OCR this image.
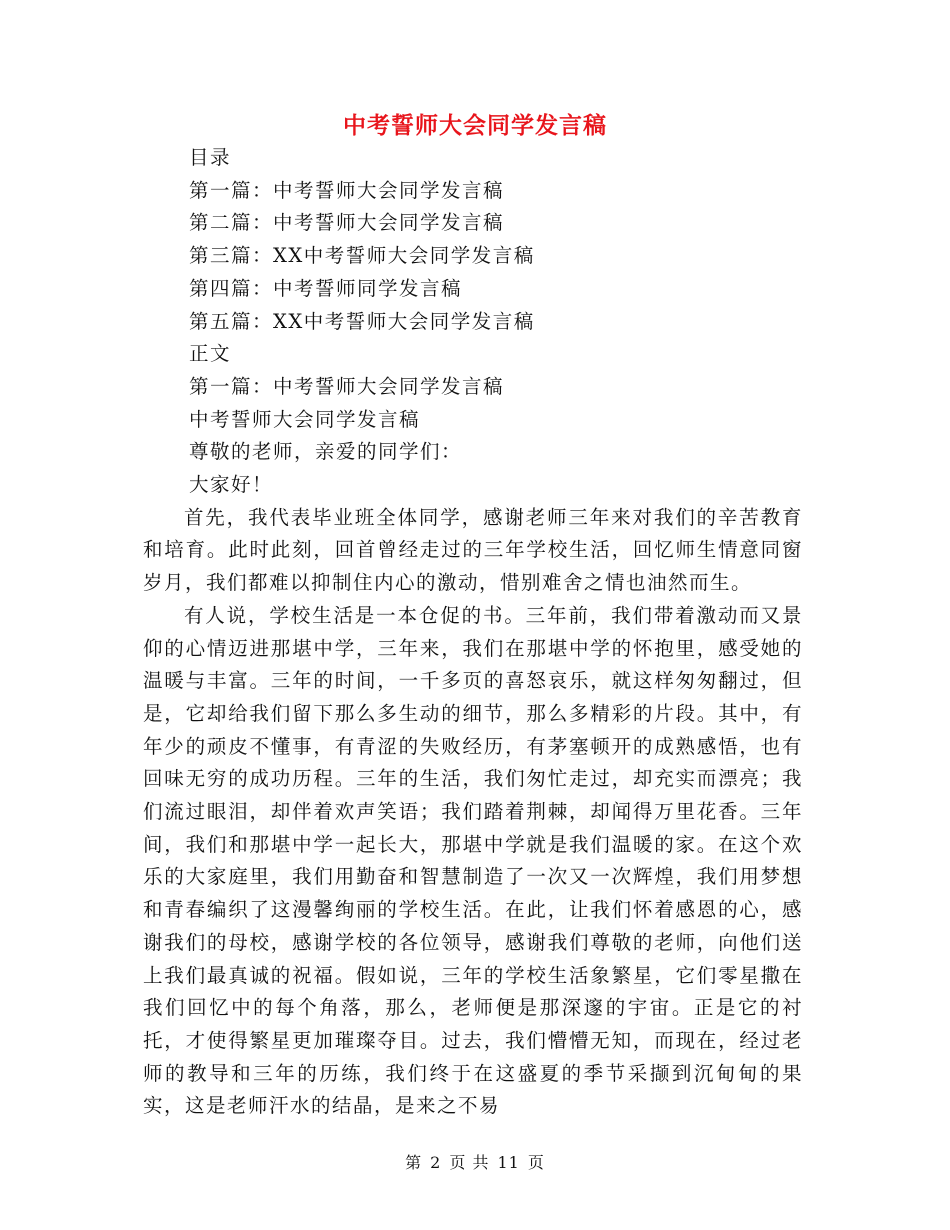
中考誓师大会同学发言稿
目录
第一篇：中考誓师大会同学发言稿
第二篇：中考誓师大会同学发言稿
第三篇：XX中考誓师大会同学发言稿
第四篇：中考誓师同学发言稿
第五篇：XX中考誓师大会同学发言稿
正文
第一篇：中考誓师大会同学发言稿
中考誓师大会同学发言稿
尊敬的老师，亲爱的同学们：
大家好！

首先，我代表毕业班全体同学，感谢老师三年来对我们的辛苦教育和培育。此时此刻，回首曾经走过的三年学校生活，回忆师生情意同窗岁月，我们都难以抑制住内心的激动，惜别难舍之情也油然而生。

有人说，学校生活是一本仓促的书。三年前，我们带着激动而又景仰的心情迈进那堪中学，三年来，我们在那堪中学的怀抱里，感受她的温暖与丰富。三年的时间，一千多页的喜怒哀乐，就这样匆匆翻过，但是，它却给我们留下那么多生动的细节，那么多精彩的片段。其中，有年少的顽皮不懂事，有青涩的失败经历，有茅塞顿开的成熟感悟，也有回味无穷的成功历程。三年的生活，我们匆忙走过，却充实而漂亮；我们流过眼泪，却伴着欢声笑语；我们踏着荆棘，却闻得万里花香。三年间，我们和那堪中学一起长大，那堪中学就是我们温暖的家。在这个欢乐的大家庭里，我们用勤奋和智慧制造了一次又一次辉煌，我们用梦想和青春编织了这漫馨绚丽的学校生活。在此，让我们怀着感恩的心，感谢我们的母校，感谢学校的各位领导，感谢我们尊敬的老师，向他们送上我们最真诚的祝福。假如说，三年的学校生活象繁星，它们零星撒在我们回忆中的每个角落，那么，老师便是那深邃的宇宙。正是它的衬托，才使得繁星更加璀璨夺目。过去，我们懵懵无知，而现在，经过老师的教导和三年的历练，我们终于在这盛夏的季节采撷到沉甸甸的果实，这是老师汗水的结晶，是来之不易

第 2 页 共 11 页
